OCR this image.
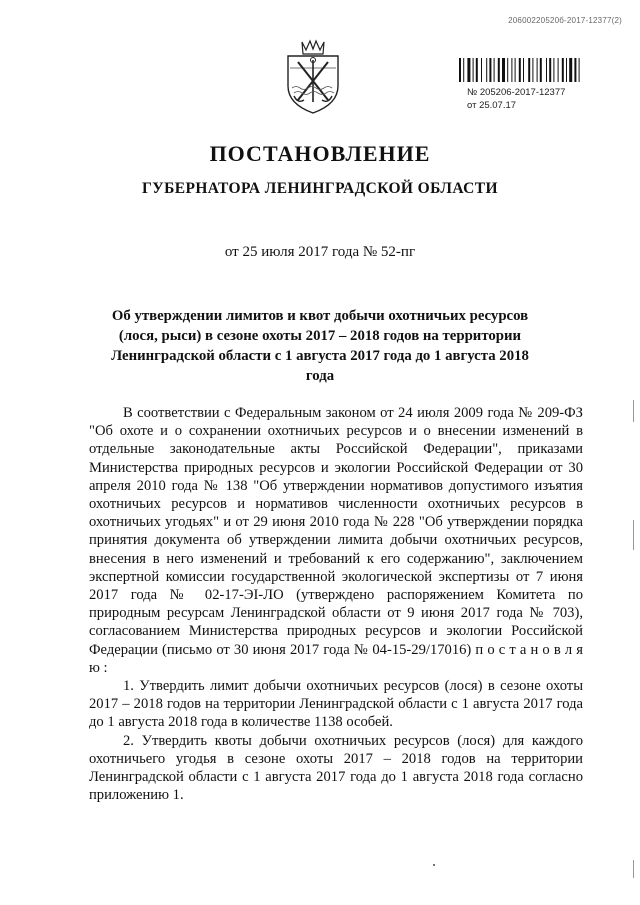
20600220520б-2017-12377(2)
№ 205206-2017-12377
от 25.07.17
ПОСТАНОВЛЕНИЕ
ГУБЕРНАТОРА ЛЕНИНГРАДСКОЙ ОБЛАСТИ
от 25 июля 2017 года № 52-пг
Об утверждении лимитов и квот добычи охотничьих ресурсов (лося, рыси) в сезоне охоты 2017 – 2018 годов на территории Ленинградской области с 1 августа 2017 года до 1 августа 2018 года

В соответствии с Федеральным законом от 24 июля 2009 года № 209-ФЗ "Об охоте и о сохранении охотничьих ресурсов и о внесении изменений в отдельные законодательные акты Российской Федерации", приказами Министерства природных ресурсов и экологии Российской Федерации от 30 апреля 2010 года № 138 "Об утверждении нормативов допустимого изъятия охотничьих ресурсов и нормативов численности охотничьих ресурсов в охотничьих угодьях" и от 29 июня 2010 года № 228 "Об утверждении порядка принятия документа об утверждении лимита добычи охотничьих ресурсов, внесения в него изменений и требований к его содержанию", заключением экспертной комиссии государственной экологической экспертизы от 7 июня 2017 года № 02-17-ЭI-ЛО (утверждено распоряжением Комитета по природным ресурсам Ленинградской области от 9 июня 2017 года № 703), согласованием Министерства природных ресурсов и экологии Российской Федерации (письмо от 30 июня 2017 года № 04-15-29/17016) п о с т а н о в л я ю :

1. Утвердить лимит добычи охотничьих ресурсов (лося) в сезоне охоты 2017 – 2018 годов на территории Ленинградской области с 1 августа 2017 года до 1 августа 2018 года в количестве 1138 особей.

2. Утвердить квоты добычи охотничьих ресурсов (лося) для каждого охотничьего угодья в сезоне охоты 2017 – 2018 годов на территории Ленинградской области с 1 августа 2017 года до 1 августа 2018 года согласно приложению 1.
